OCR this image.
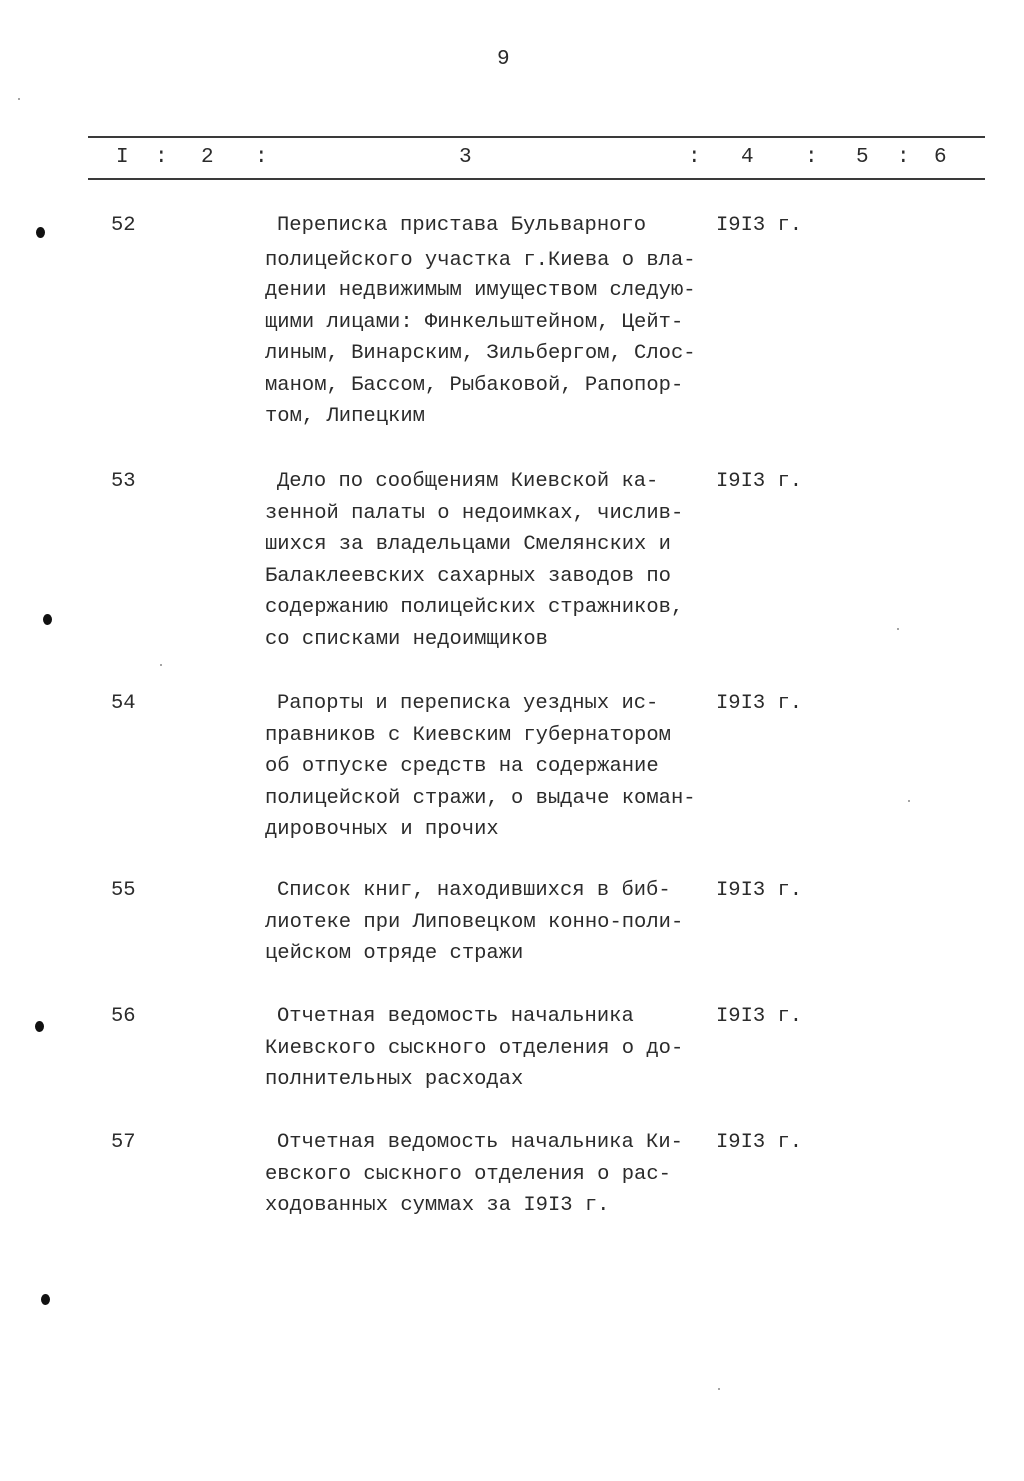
9
I : 2 :	3	: 4 : 5 : 6
52	Переписка пристава Бульварного
полицейского участка г.Киева о вла-
дении недвижимым имуществом следую-
щими лицами: Финкельштейном, Цейт-
линым, Винарским, Зильбергом, Слос-
маном, Бассом, Рыбаковой, Рапопор-
том, Липецким
I9I3 г.
53	Дело по сообщениям Киевской ка-
зенной палаты о недоимках, числив-
шихся за владельцами Смелянских и
Балаклеевских сахарных заводов по
содержанию полицейских стражников,
со списками недоимщиков
I9I3 г.
54	Рапорты и переписка уездных ис-
правников с Киевским губернатором
об отпуске средств на содержание
полицейской стражи, о выдаче коман-
дировочных и прочих
I9I3 г.
55	Список книг, находившихся в биб-
лиотеке при Липовецком конно-поли-
цейском отряде стражи
I9I3 г.
56	Отчетная ведомость начальника
Киевского сыскного отделения о до-
полнительных расходах
I9I3 г.
57	Отчетная ведомость начальника Ки-
евского сыскного отделения о рас-
ходованных суммах за I9I3 г.
I9I3 г.
